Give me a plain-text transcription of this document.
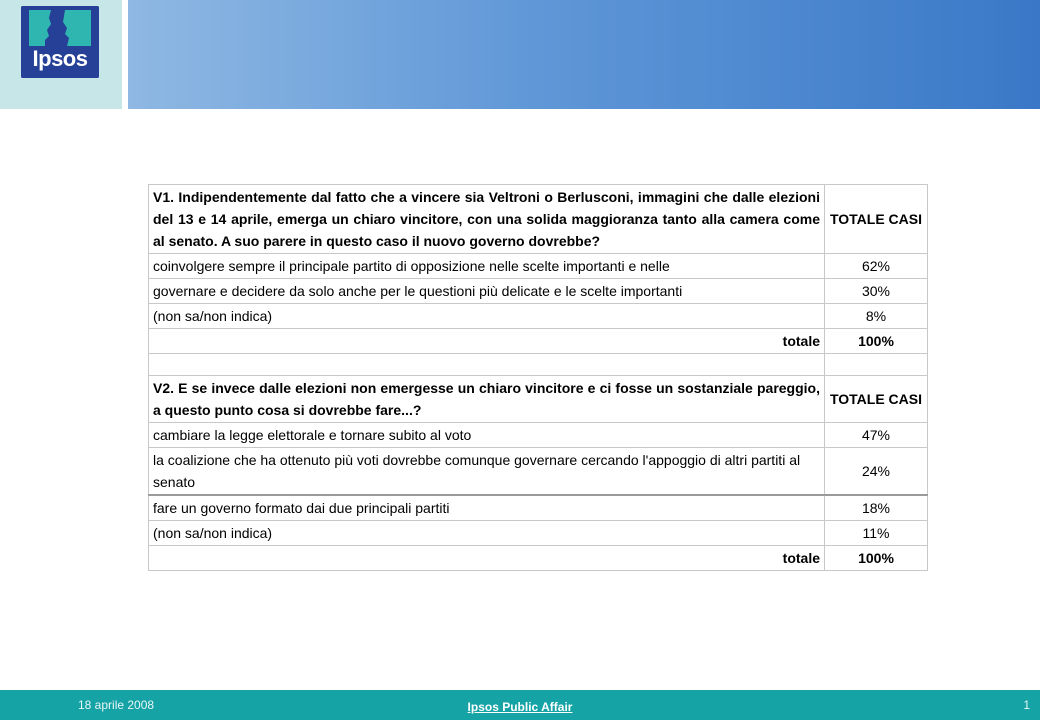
Ipsos
V1. Indipendentemente dal fatto che a vincere sia Veltroni o Berlusconi, immagini che dalle elezioni del 13 e 14 aprile, emerga un chiaro vincitore, con una solida maggioranza tanto alla camera come al senato. A suo parere in questo caso il nuovo governo dovrebbe?	TOTALE CASI
coinvolgere sempre il principale partito di opposizione nelle scelte importanti e nelle	62%
governare e decidere da solo anche per le questioni più delicate e le scelte importanti	30%
(non sa/non indica)	8%
totale	100%

V2. E se invece dalle elezioni non emergesse un chiaro vincitore e ci fosse un sostanziale pareggio, a questo punto cosa si dovrebbe fare...?	TOTALE CASI
cambiare la legge elettorale e tornare subito al voto	47%
la coalizione che ha ottenuto più voti dovrebbe comunque governare cercando l'appoggio di altri partiti al senato	24%
fare un governo formato dai due principali partiti	18%
(non sa/non indica)	11%
totale	100%
18 aprile 2008	Ipsos Public Affair	1
